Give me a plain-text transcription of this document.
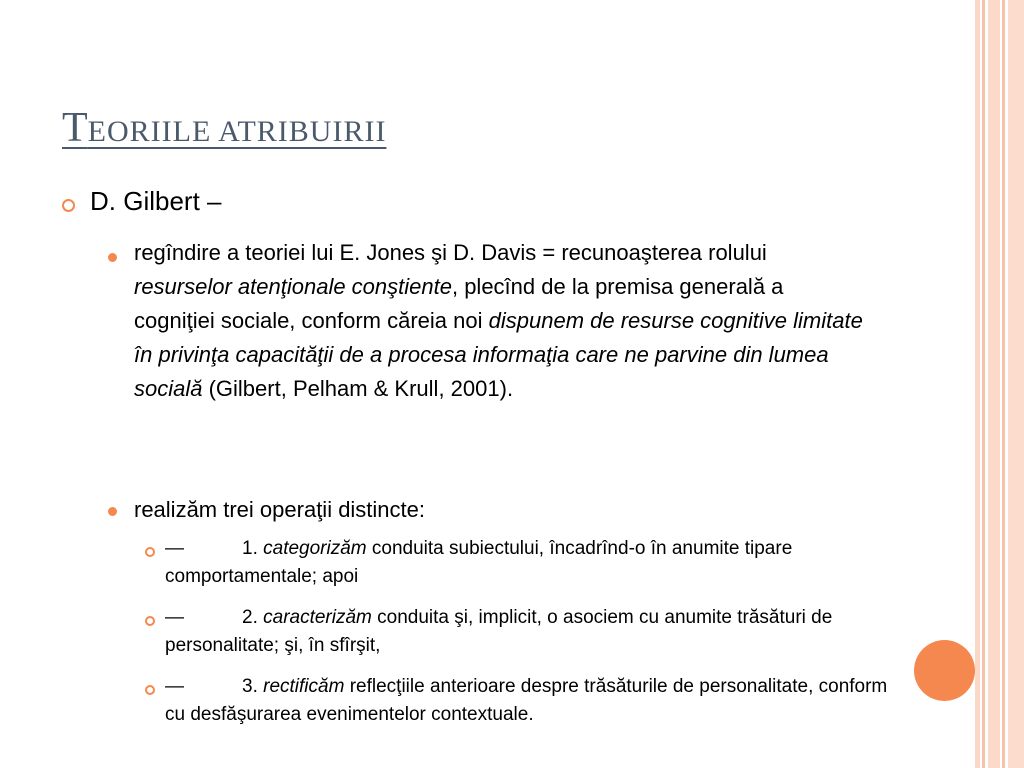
TEORIILE ATRIBUIRII
D. Gilbert –
regîndire a teoriei lui E. Jones şi D. Davis = recunoaşterea rolului resurselor atenţionale conştiente, plecînd de la premisa generală a cogniţiei sociale, conform căreia noi dispunem de resurse cognitive limitate în privinţa capacităţii de a procesa informaţia care ne parvine din lumea socială (Gilbert, Pelham & Krull, 2001).
realizăm trei operaţii distincte:
—	1. categorizăm conduita subiectului, încadrînd-o în anumite tipare comportamentale; apoi
—	2. caracterizăm conduita şi, implicit, o asociem cu anumite trăsături de personalitate; şi, în sfîrşit,
—	3. rectificăm reflecţiile anterioare despre trăsăturile de personalitate, conform cu desfăşurarea evenimentelor contextuale.
